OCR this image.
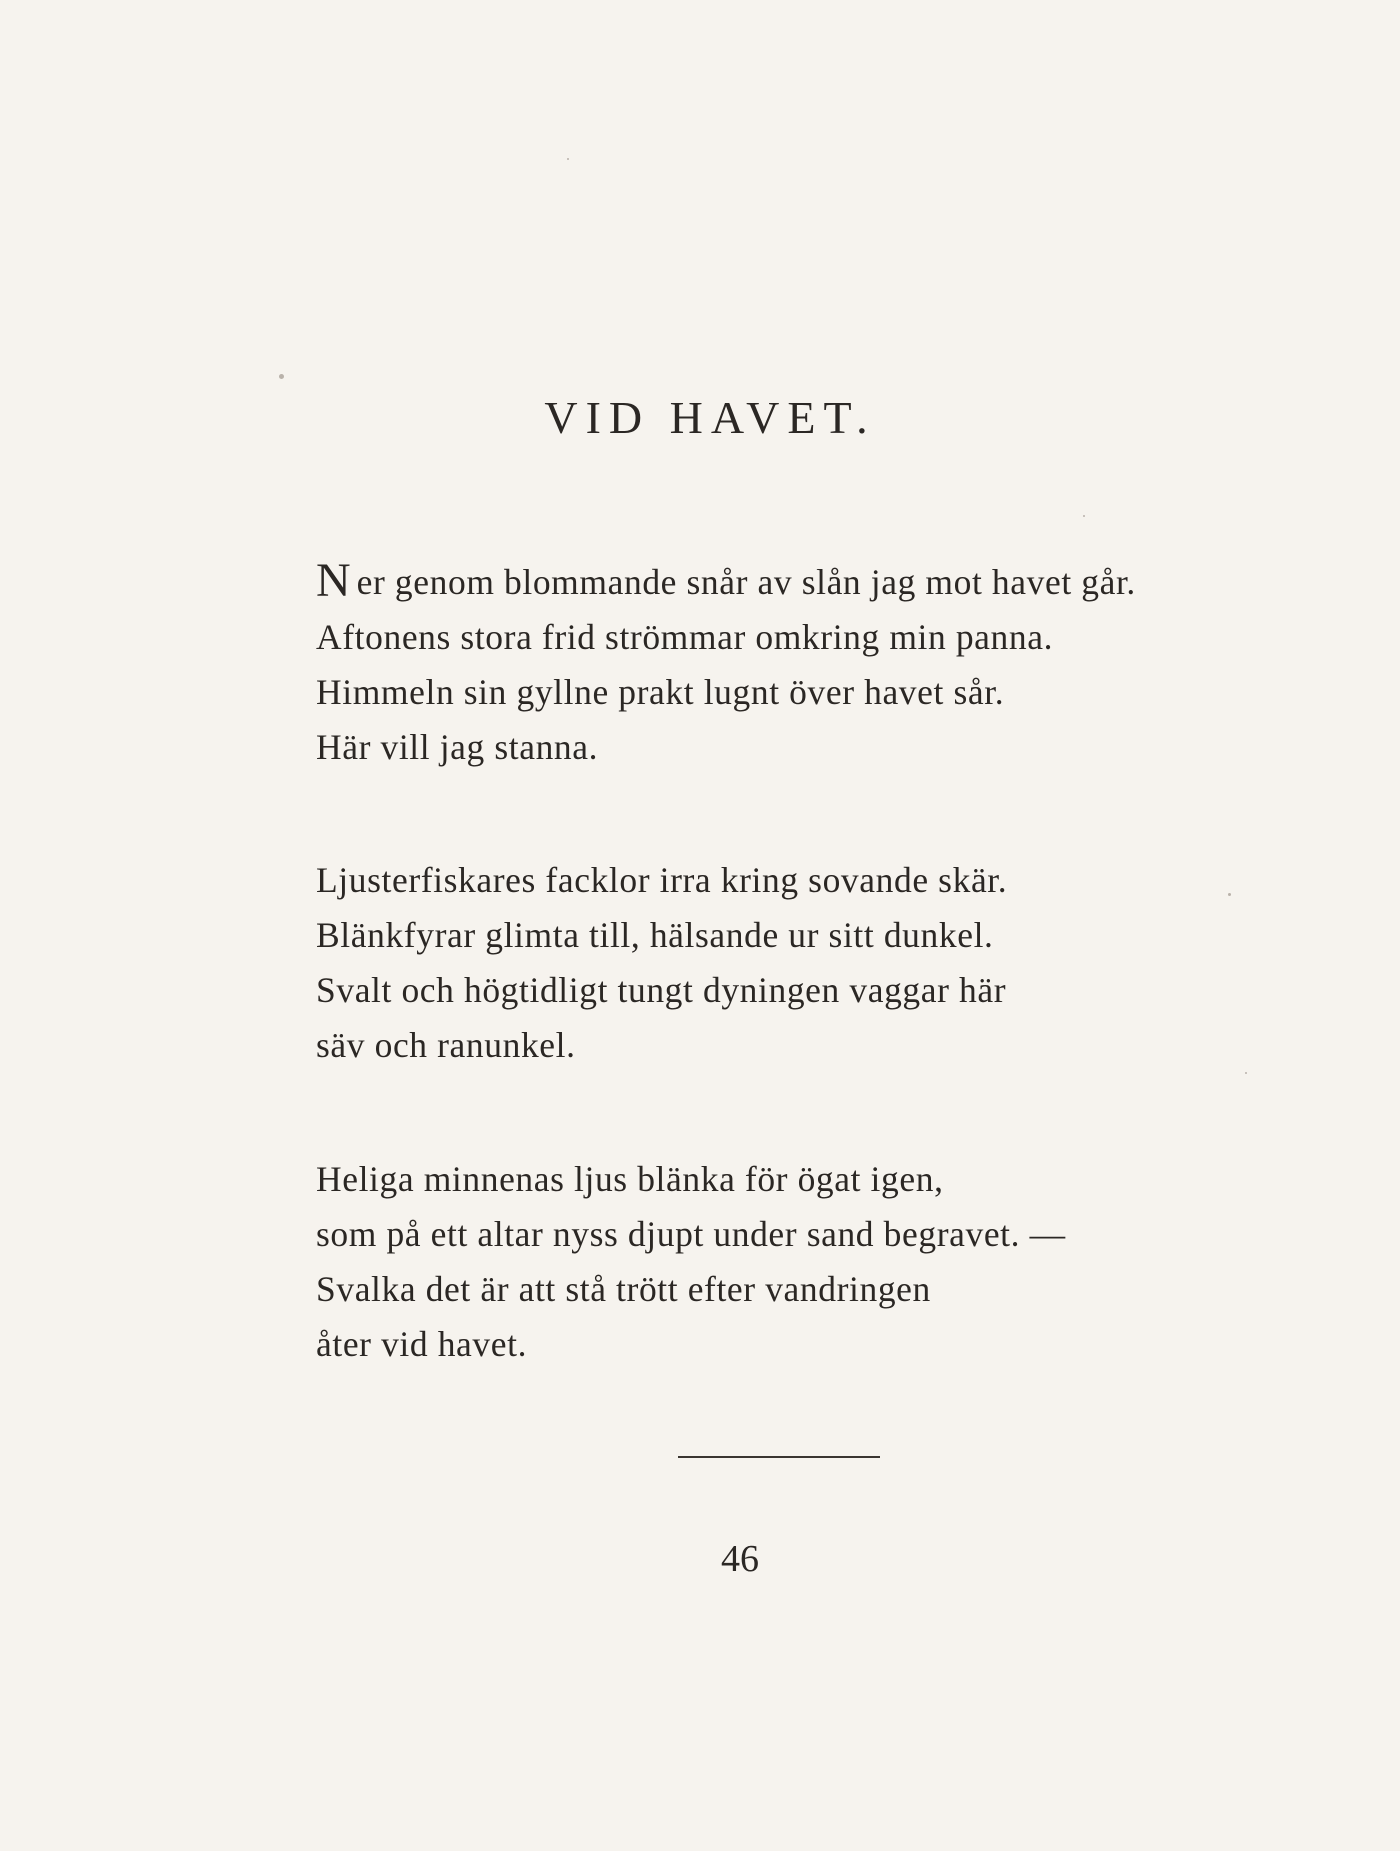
VID HAVET.
N er genom blommande snår av slån jag mot havet går.
Aftonens stora frid strömmar omkring min panna.
Himmeln sin gyllne prakt lugnt över havet sår.
Här vill jag stanna.
Ljusterfiskares facklor irra kring sovande skär.
Blänkfyrar glimta till, hälsande ur sitt dunkel.
Svalt och högtidligt tungt dyningen vaggar här
säv och ranunkel.
Heliga minnenas ljus blänka för ögat igen,
som på ett altar nyss djupt under sand begravet. —
Svalka det är att stå trött efter vandringen
åter vid havet.
46
